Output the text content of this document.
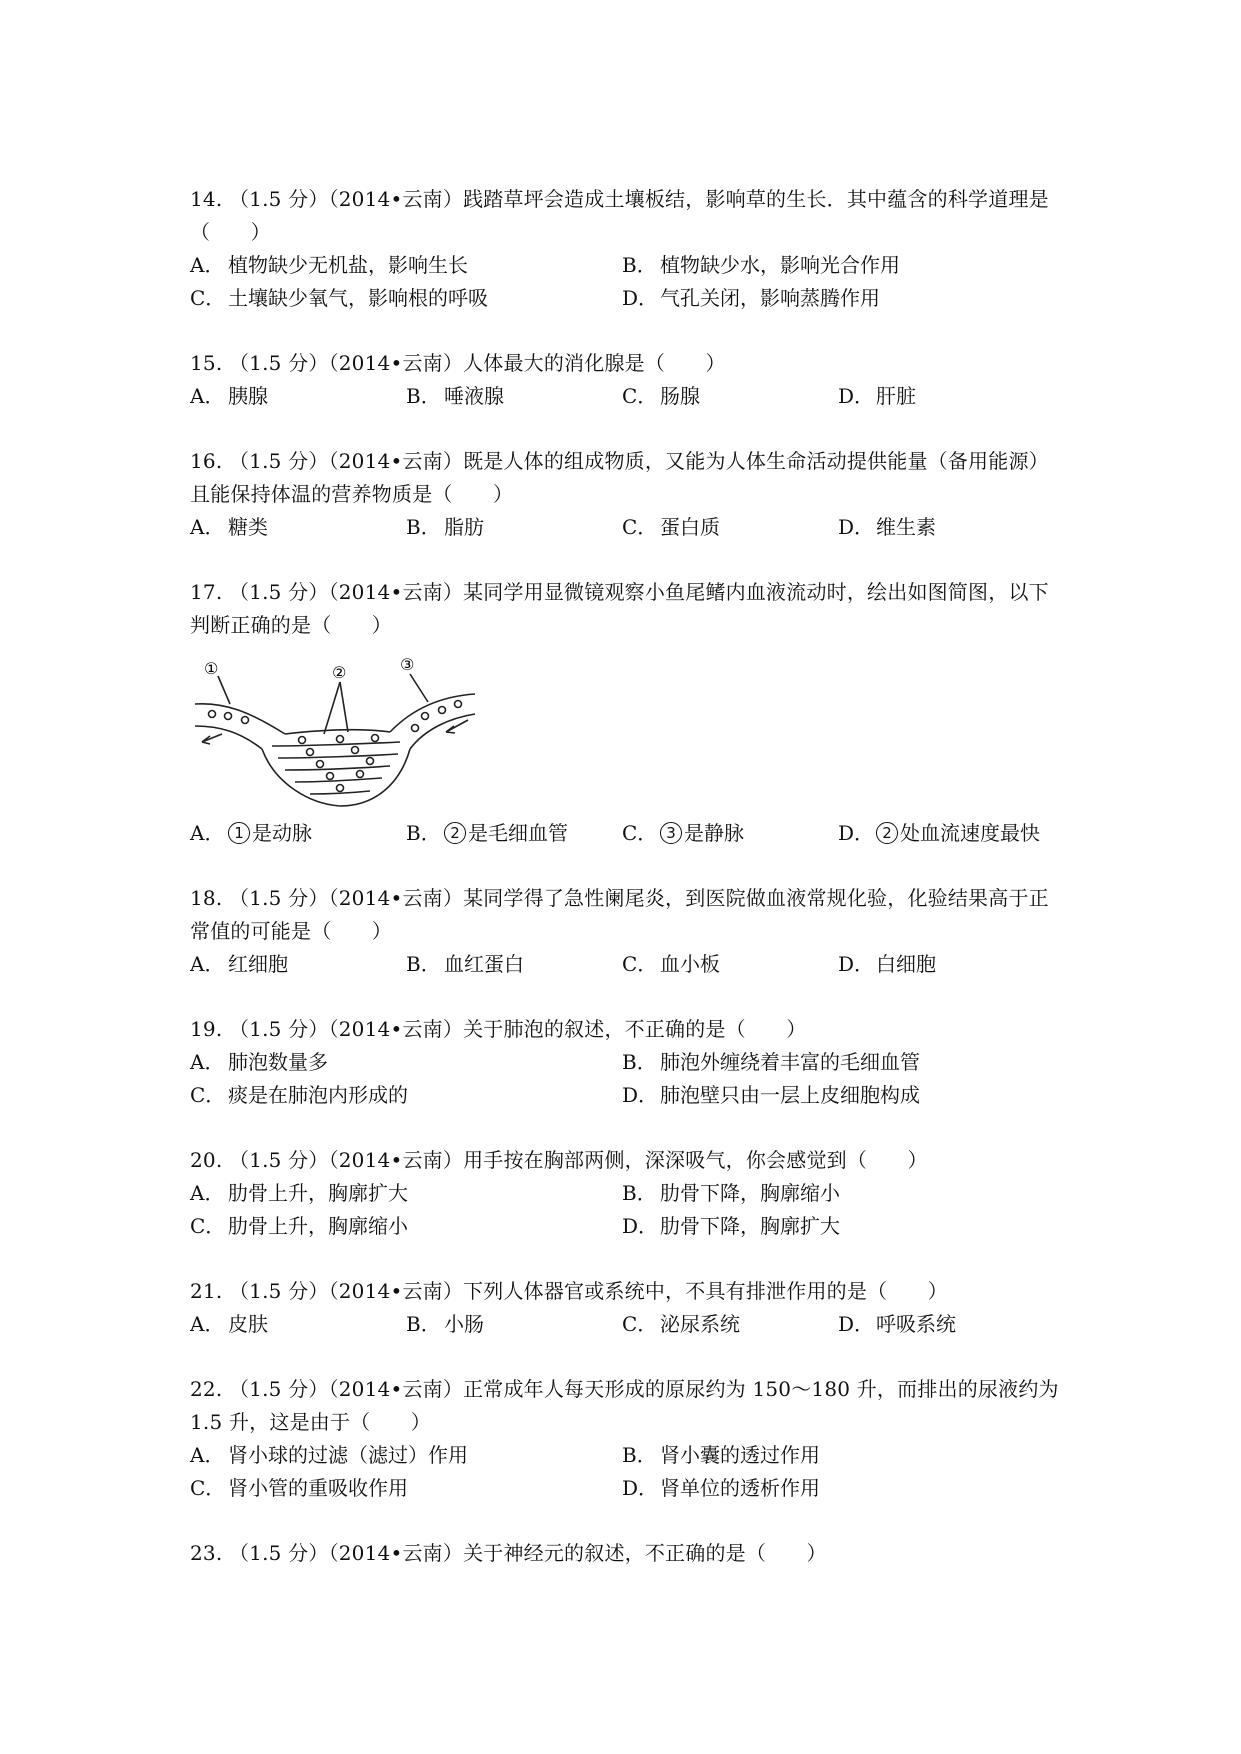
14. （1.5 分）（2014•云南）践踏草坪会造成土壤板结，影响草的生长．其中蕴含的科学道理是（　　）
A． 植物缺少无机盐，影响生长	B． 植物缺少水，影响光合作用
C． 土壤缺少氧气，影响根的呼吸	D． 气孔关闭，影响蒸腾作用
15. （1.5 分）（2014•云南）人体最大的消化腺是（　　）
A． 胰腺	B． 唾液腺	C． 肠腺	D． 肝脏
16. （1.5 分）（2014•云南）既是人体的组成物质，又能为人体生命活动提供能量（备用能源）且能保持体温的营养物质是（　　）
A． 糖类	B． 脂肪	C． 蛋白质	D． 维生素
17. （1.5 分）（2014•云南）某同学用显微镜观察小鱼尾鳍内血液流动时，绘出如图简图，以下判断正确的是（　　）
①	②	③
A． 1 是动脉	B． 2 是毛细血管	C． 3 是静脉	D． 2 处血流速度最快
18. （1.5 分）（2014•云南）某同学得了急性阑尾炎，到医院做血液常规化验，化验结果高于正常值的可能是（　　）
A． 红细胞	B． 血红蛋白	C． 血小板	D． 白细胞
19. （1.5 分）（2014•云南）关于肺泡的叙述，不正确的是（　　）
A． 肺泡数量多	B． 肺泡外缠绕着丰富的毛细血管
C． 痰是在肺泡内形成的	D． 肺泡壁只由一层上皮细胞构成
20. （1.5 分）（2014•云南）用手按在胸部两侧，深深吸气，你会感觉到（　　）
A． 肋骨上升，胸廓扩大	B． 肋骨下降，胸廓缩小
C． 肋骨上升，胸廓缩小	D． 肋骨下降，胸廓扩大
21. （1.5 分）（2014•云南）下列人体器官或系统中，不具有排泄作用的是（　　）
A． 皮肤	B． 小肠	C． 泌尿系统	D． 呼吸系统
22. （1.5 分）（2014•云南）正常成年人每天形成的原尿约为 150～180 升，而排出的尿液约为 1.5 升，这是由于（　　）
A． 肾小球的过滤（滤过）作用	B． 肾小囊的透过作用
C． 肾小管的重吸收作用	D． 肾单位的透析作用
23. （1.5 分）（2014•云南）关于神经元的叙述，不正确的是（　　）
